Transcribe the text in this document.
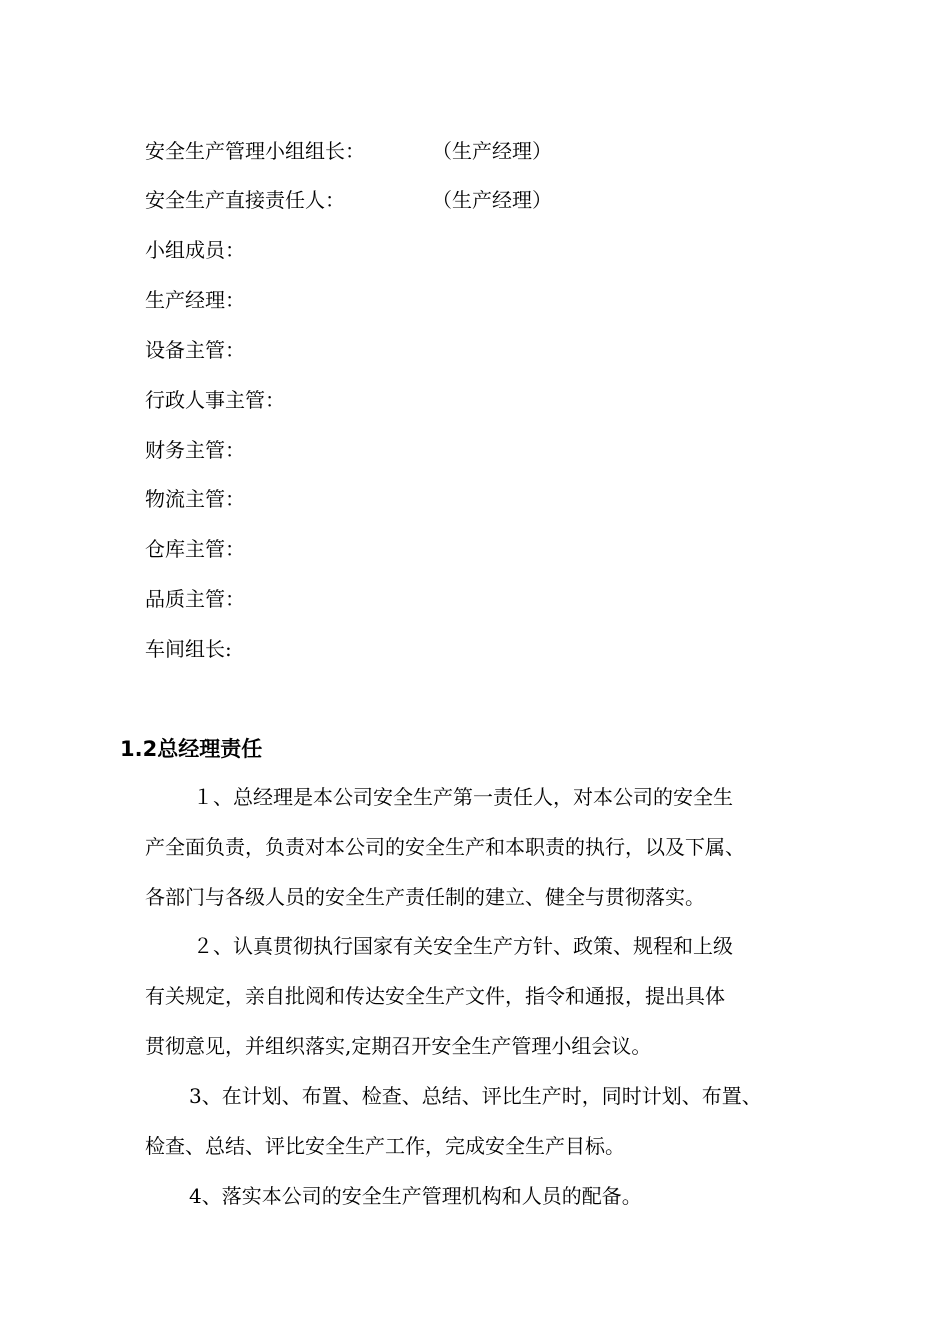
安全生产管理小组组长：	（生产经理）
安全生产直接责任人：	（生产经理）
小组成员：
生产经理：
设备主管：
行政人事主管：
财务主管：
物流主管：
仓库主管：
品质主管：
车间组长:
1.2总经理责任
１、总经理是本公司安全生产第一责任人，对本公司的安全生
产全面负责，负责对本公司的安全生产和本职责的执行，以及下属、
各部门与各级人员的安全生产责任制的建立、健全与贯彻落实。
２、认真贯彻执行国家有关安全生产方针、政策、规程和上级
有关规定，亲自批阅和传达安全生产文件，指令和通报，提出具体
贯彻意见，并组织落实,定期召开安全生产管理小组会议。
3、在计划、布置、检查、总结、评比生产时，同时计划、布置、
检查、总结、评比安全生产工作，完成安全生产目标。
4、落实本公司的安全生产管理机构和人员的配备。
